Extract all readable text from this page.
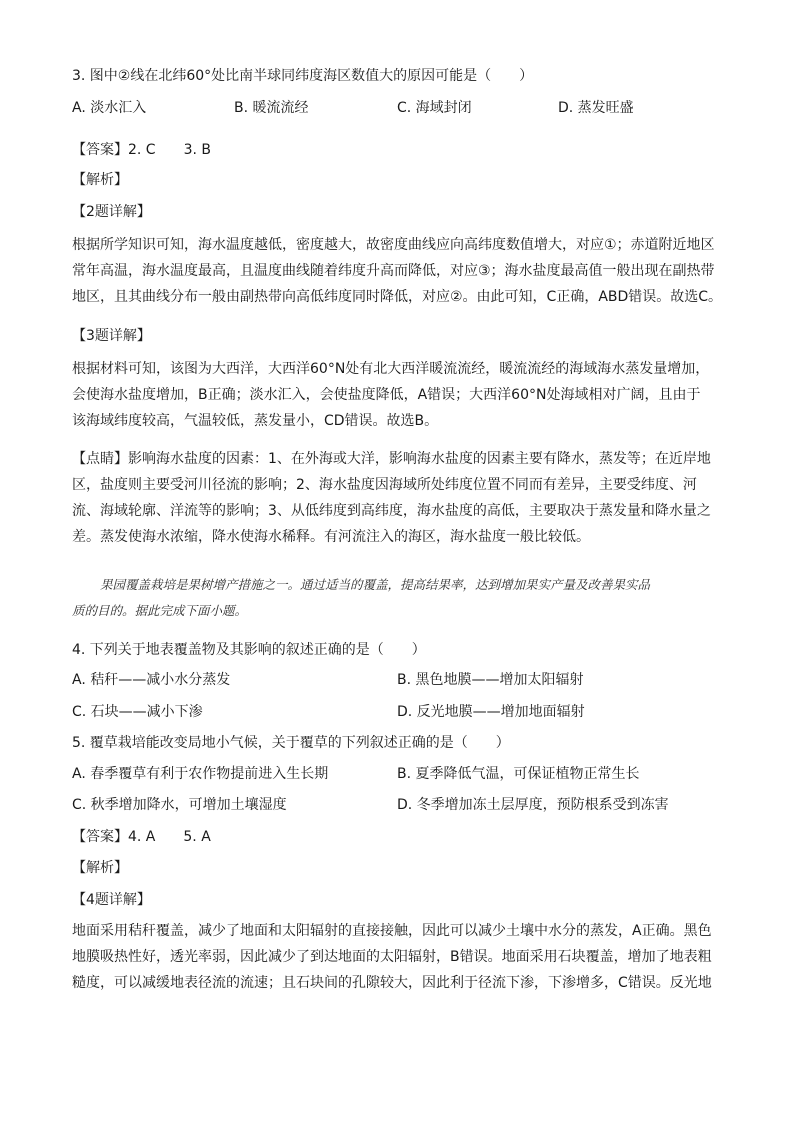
3. 图中②线在北纬60°处比南半球同纬度海区数值大的原因可能是（　　）
A. 淡水汇入	B. 暖流流经	C. 海域封闭	D. 蒸发旺盛
【答案】2. C　　3. B
【解析】
【2题详解】
根据所学知识可知，海水温度越低，密度越大，故密度曲线应向高纬度数值增大，对应①；赤道附近地区
常年高温，海水温度最高，且温度曲线随着纬度升高而降低，对应③；海水盐度最高值一般出现在副热带
地区，且其曲线分布一般由副热带向高低纬度同时降低，对应②。由此可知，C正确，ABD错误。故选C。
【3题详解】
根据材料可知，该图为大西洋，大西洋60°N处有北大西洋暖流流经，暖流流经的海域海水蒸发量增加，
会使海水盐度增加，B正确；淡水汇入，会使盐度降低，A错误；大西洋60°N处海域相对广阔，且由于
该海域纬度较高，气温较低，蒸发量小，CD错误。故选B。
【点睛】影响海水盐度的因素：1、在外海或大洋，影响海水盐度的因素主要有降水，蒸发等；在近岸地
区，盐度则主要受河川径流的影响；2、海水盐度因海域所处纬度位置不同而有差异，主要受纬度、河
流、海域轮廓、洋流等的影响；3、从低纬度到高纬度，海水盐度的高低，主要取决于蒸发量和降水量之
差。蒸发使海水浓缩，降水使海水稀释。有河流注入的海区，海水盐度一般比较低。
果园覆盖栽培是果树增产措施之一。通过适当的覆盖，提高结果率，达到增加果实产量及改善果实品
质的目的。据此完成下面小题。
4. 下列关于地表覆盖物及其影响的叙述正确的是（　　）
A. 秸秆——减小水分蒸发	B. 黑色地膜——增加太阳辐射
C. 石块——减小下渗	D. 反光地膜——增加地面辐射
5. 覆草栽培能改变局地小气候，关于覆草的下列叙述正确的是（　　）
A. 春季覆草有利于农作物提前进入生长期	B. 夏季降低气温，可保证植物正常生长
C. 秋季增加降水，可增加土壤湿度	D. 冬季增加冻土层厚度，预防根系受到冻害
【答案】4. A　　5. A
【解析】
【4题详解】
地面采用秸秆覆盖，减少了地面和太阳辐射的直接接触，因此可以减少土壤中水分的蒸发，A正确。黑色
地膜吸热性好，透光率弱，因此减少了到达地面的太阳辐射，B错误。地面采用石块覆盖，增加了地表粗
糙度，可以减缓地表径流的流速；且石块间的孔隙较大，因此利于径流下渗，下渗增多，C错误。反光地
